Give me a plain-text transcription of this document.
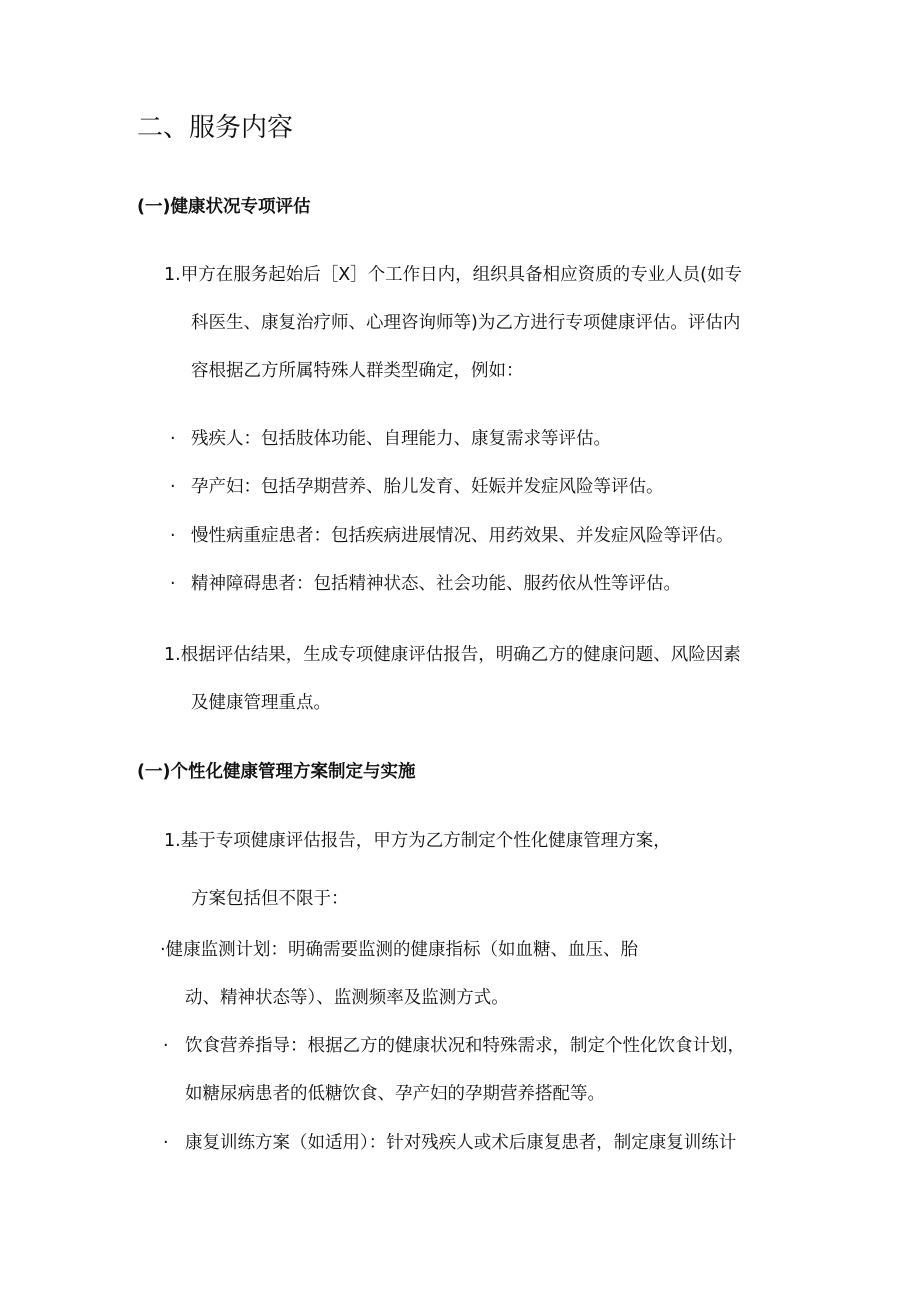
二、服务内容
(一)健康状况专项评估
1.甲方在服务起始后［X］个工作日内，组织具备相应资质的专业人员(如专
科医生、康复治疗师、心理咨询师等)为乙方进行专项健康评估。评估内
容根据乙方所属特殊人群类型确定，例如：
· 残疾人：包括肢体功能、自理能力、康复需求等评估。
· 孕产妇：包括孕期营养、胎儿发育、妊娠并发症风险等评估。
· 慢性病重症患者：包括疾病进展情况、用药效果、并发症风险等评估。
· 精神障碍患者：包括精神状态、社会功能、服药依从性等评估。
1.根据评估结果，生成专项健康评估报告，明确乙方的健康问题、风险因素
及健康管理重点。
(一)个性化健康管理方案制定与实施
1.基于专项健康评估报告，甲方为乙方制定个性化健康管理方案，
方案包括但不限于：
·健康监测计划：明确需要监测的健康指标（如血糖、血压、胎
动、精神状态等）、监测频率及监测方式。
· 饮食营养指导：根据乙方的健康状况和特殊需求，制定个性化饮食计划，
如糖尿病患者的低糖饮食、孕产妇的孕期营养搭配等。
· 康复训练方案（如适用）：针对残疾人或术后康复患者，制定康复训练计
